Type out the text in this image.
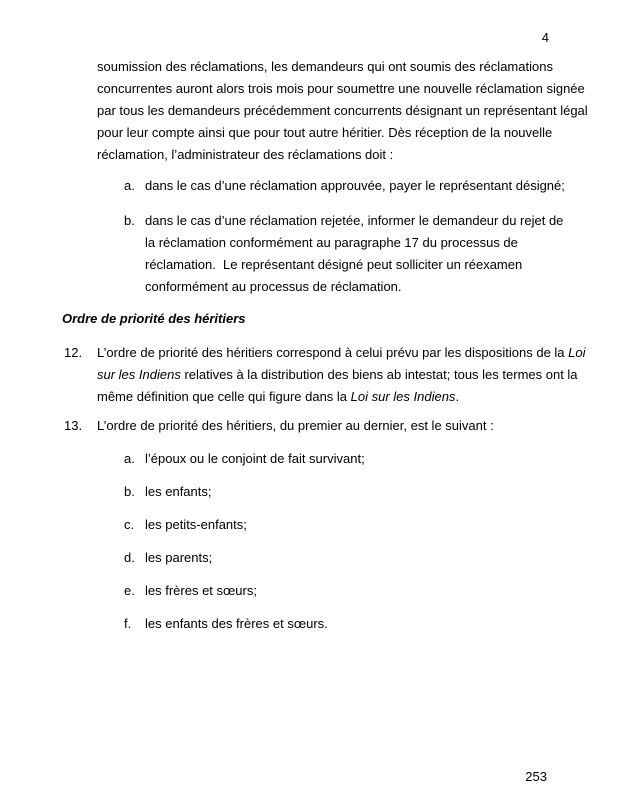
4

soumission des réclamations, les demandeurs qui ont soumis des réclamations concurrentes auront alors trois mois pour soumettre une nouvelle réclamation signée par tous les demandeurs précédemment concurrents désignant un représentant légal pour leur compte ainsi que pour tout autre héritier. Dès réception de la nouvelle réclamation, l’administrateur des réclamations doit :

a. dans le cas d’une réclamation approuvée, payer le représentant désigné;
b. dans le cas d’une réclamation rejetée, informer le demandeur du rejet de la réclamation conformément au paragraphe 17 du processus de réclamation.  Le représentant désigné peut solliciter un réexamen conformément au processus de réclamation.
Ordre de priorité des héritiers
12. L’ordre de priorité des héritiers correspond à celui prévu par les dispositions de la Loi sur les Indiens relatives à la distribution des biens ab intestat; tous les termes ont la même définition que celle qui figure dans la Loi sur les Indiens.
13. L’ordre de priorité des héritiers, du premier au dernier, est le suivant :
a. l’époux ou le conjoint de fait survivant;
b. les enfants;
c. les petits-enfants;
d. les parents;
e. les frères et sœurs;
f. les enfants des frères et sœurs.
253
